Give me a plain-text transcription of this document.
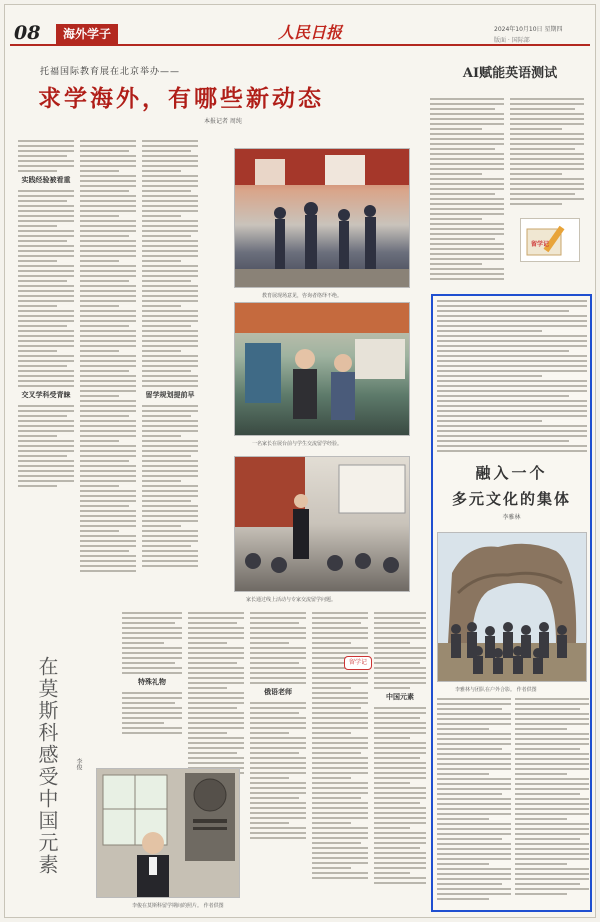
08	海外学子	人民日报	2024年10月10日 星期四
版面 · 国际部
托福国际教育展在北京举办——
求学海外，有哪些新动态
本报记者 周纯
AI赋能英语测试
实践经验被看重
交叉学科受青睐	留学规划提前早
教育展现场意见，咨询者络绎不绝。
一名家长在展台前与学生交流留学经验。
家长通过线上活动与专家交流留学问题。
留学记
特殊礼物
俄语老师
中国元素
留学记
在莫斯科感受中国元素	李俊
李俊在莫斯科留学期间的照片。 作者供图
融入一个
多元文化的集体
李雅林
李雅林与团队在户外合影。 作者供图
